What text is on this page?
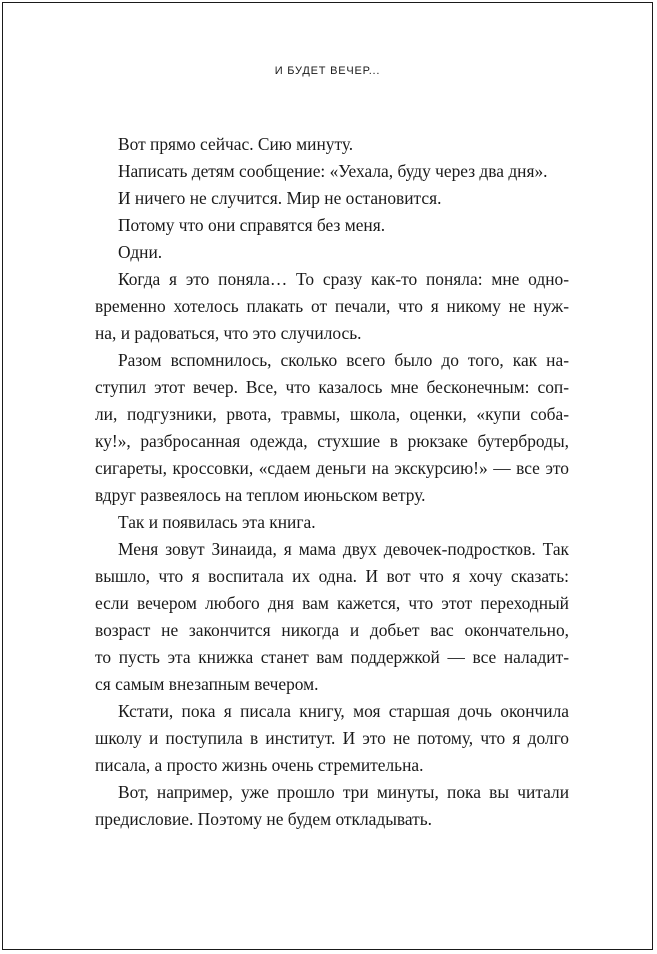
И БУДЕТ ВЕЧЕР...
Вот прямо сейчас. Сию минуту.
Написать детям сообщение: «Уехала, буду через два дня».
И ничего не случится. Мир не остановится.
Потому что они справятся без меня.
Одни.
Когда я это поняла… То сразу как-то поняла: мне одно-
временно хотелось плакать от печали, что я никому не нуж-
на, и радоваться, что это случилось.
Разом вспомнилось, сколько всего было до того, как на-
ступил этот вечер. Все, что казалось мне бесконечным: соп-
ли, подгузники, рвота, травмы, школа, оценки, «купи соба-
ку!», разбросанная одежда, стухшие в рюкзаке бутерброды,
сигареты, кроссовки, «сдаем деньги на экскурсию!» — все это
вдруг развеялось на теплом июньском ветру.
Так и появилась эта книга.
Меня зовут Зинаида, я мама двух девочек-подростков. Так
вышло, что я воспитала их одна. И вот что я хочу сказать:
если вечером любого дня вам кажется, что этот переходный
возраст не закончится никогда и добьет вас окончательно,
то пусть эта книжка станет вам поддержкой — все наладит-
ся самым внезапным вечером.
Кстати, пока я писала книгу, моя старшая дочь окончила
школу и поступила в институт. И это не потому, что я долго
писала, а просто жизнь очень стремительна.
Вот, например, уже прошло три минуты, пока вы читали
предисловие. Поэтому не будем откладывать.
